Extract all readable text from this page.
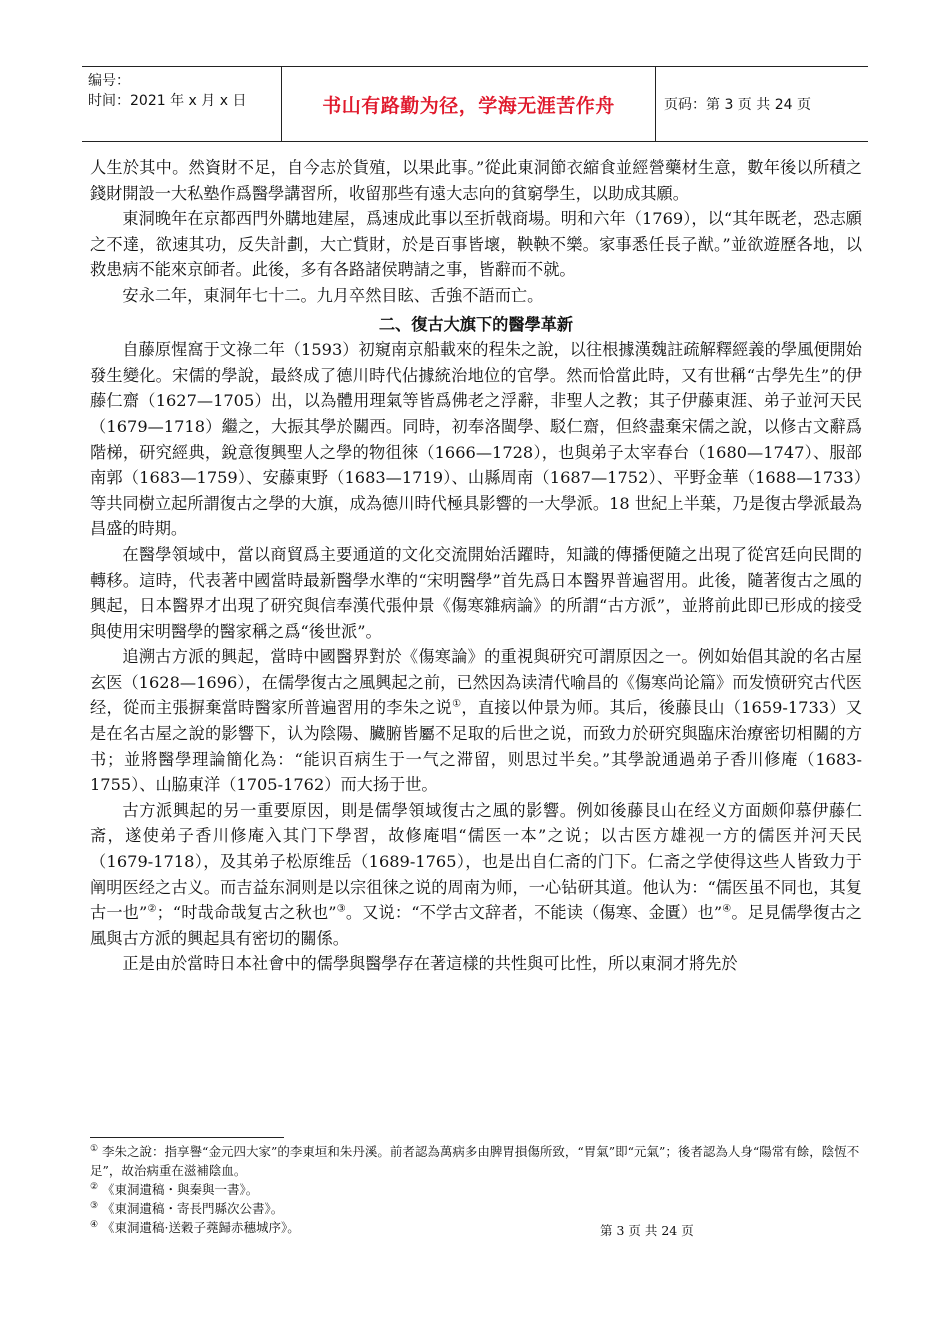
编号：
时间：2021 年 x 月 x 日	书山有路勤为径，学海无涯苦作舟	页码：第 3 页 共 24 页

人生於其中。然資財不足，自今志於貨殖，以果此事。”從此東洞節衣縮食並經營藥材生意，數年後以所積之錢財開設一大私塾作爲醫學講習所，收留那些有遠大志向的貧窮學生，以助成其願。

東洞晚年在京都西門外購地建屋，爲速成此事以至折戟商場。明和六年（1769），以“其年既老，恐志願之不達，欲速其功，反失計劃，大亡貲財，於是百事皆壞，鞅鞅不樂。家事悉任長子猷。”並欲遊歷各地，以救患病不能來京師者。此後，多有各路諸侯聘請之事，皆辭而不就。

安永二年，東洞年七十二。九月卒然目眩、舌強不語而亡。

二、復古大旗下的醫學革新

自藤原惺窩于文祿二年（1593）初窺南京船載來的程朱之說，以往根據漢魏註疏解釋經義的學風便開始發生變化。宋儒的學說，最終成了德川時代佔據統治地位的官學。然而恰當此時，又有世稱“古學先生”的伊藤仁齋（1627—1705）出，以為體用理氣等皆爲佛老之浮辭，非聖人之教；其子伊藤東涯、弟子並河天民（1679—1718）繼之，大振其學於關西。同時，初奉洛閩學、駁仁齋，但終盡棄宋儒之說，以修古文辭爲階梯，研究經典，銳意復興聖人之學的物徂徠（1666—1728），也與弟子太宰春台（1680—1747）、服部南郭（1683—1759）、安藤東野（1683—1719）、山縣周南（1687—1752）、平野金華（1688—1733）等共同樹立起所謂復古之學的大旗，成為德川時代極具影響的一大學派。18 世紀上半葉，乃是復古學派最為昌盛的時期。

在醫學領域中，當以商貿爲主要通道的文化交流開始活躍時，知識的傳播便隨之出現了從宮廷向民間的轉移。這時，代表著中國當時最新醫學水準的“宋明醫學”首先爲日本醫界普遍習用。此後，隨著復古之風的興起，日本醫界才出現了研究與信奉漢代張仲景《傷寒雜病論》的所謂“古方派”，並將前此即已形成的接受與使用宋明醫學的醫家稱之爲“後世派”。

追溯古方派的興起，當時中國醫界對於《傷寒論》的重視與研究可謂原因之一。例如始倡其說的名古屋玄医（1628—1696），在儒學復古之風興起之前，已然因為读清代喻昌的《傷寒尚论篇》而发愤研究古代医经，從而主張摒棄當時醫家所普遍習用的李朱之说①，直接以仲景为师。其后，後藤艮山（1659-1733）又是在名古屋之說的影響下，认为陰陽、臟腑皆屬不足取的后世之说，而致力於研究與臨床治療密切相關的方书；並將醫學理論簡化為：“能识百病生于一气之滞留，则思过半矣。”其學說通過弟子香川修庵（1683-1755）、山脇東洋（1705-1762）而大扬于世。

古方派興起的另一重要原因，則是儒學領域復古之風的影響。例如後藤艮山在经义方面颇仰慕伊藤仁斋，遂使弟子香川修庵入其门下學習，故修庵唱“儒医一本”之说；以古医方雄视一方的儒医并河天民（1679-1718），及其弟子松原维岳（1689-1765），也是出自仁斋的门下。仁斋之学使得这些人皆致力于阐明医经之古义。而吉益东洞则是以宗徂徕之说的周南为师，一心钻研其道。他认为：“儒医虽不同也，其复古一也”②；“时哉命哉复古之秋也”③。又说：“不学古文辞者，不能读（傷寒、金匱）也”④。足見儒學復古之風與古方派的興起具有密切的關係。

正是由於當時日本社會中的儒學與醫學存在著這樣的共性與可比性，所以東洞才將先於

① 李朱之說：指享譽“金元四大家”的李東垣和朱丹溪。前者認為萬病多由脾胃損傷所致，“胃氣”即“元氣”；後者認為人身“陽常有餘，陰恆不足”，故治病重在滋補陰血。
② 《東洞遺稿・與秦與一書》。
③ 《東洞遺稿・寄長門縣次公書》。
④ 《東洞遺稿·送穀子蕘歸赤穗城序》。	第 3 页 共 24 页
